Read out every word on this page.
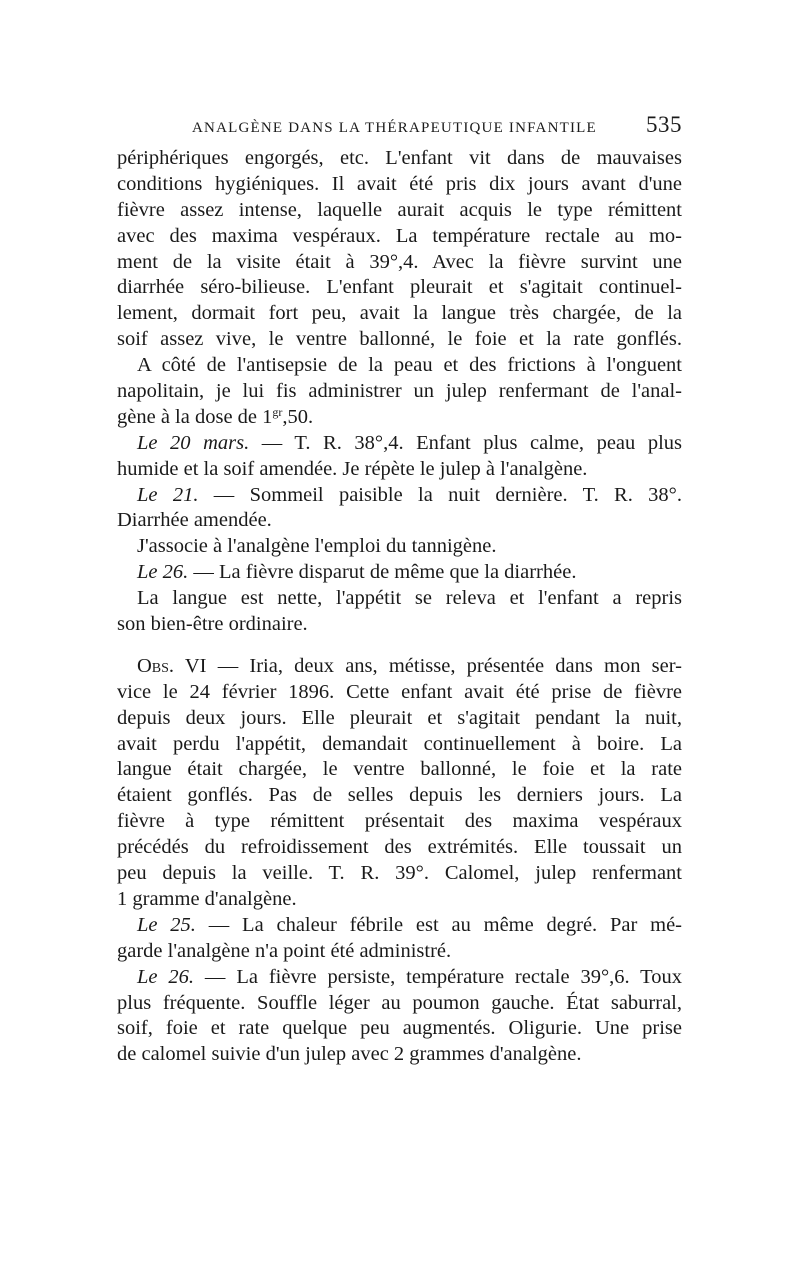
ANALGÈNE DANS LA THÉRAPEUTIQUE INFANTILE 535
périphériques engorgés, etc. L'enfant vit dans de mauvaises
conditions hygiéniques. Il avait été pris dix jours avant d'une
fièvre assez intense, laquelle aurait acquis le type rémittent
avec des maxima vespéraux. La température rectale au mo-
ment de la visite était à 39°,4. Avec la fièvre survint une
diarrhée séro-bilieuse. L'enfant pleurait et s'agitait continuel-
lement, dormait fort peu, avait la langue très chargée, de la
soif assez vive, le ventre ballonné, le foie et la rate gonflés.
A côté de l'antisepsie de la peau et des frictions à l'onguent
napolitain, je lui fis administrer un julep renfermant de l'anal-
gène à la dose de $1^{gr},50$.
Le 20 mars. — T. R. 38°,4. Enfant plus calme, peau plus
humide et la soif amendée. Je répète le julep à l'analgène.
Le 21. — Sommeil paisible la nuit dernière. T. R. 38°.
Diarrhée amendée.
J'associe à l'analgène l'emploi du tannigène.
Le 26. — La fièvre disparut de même que la diarrhée.
La langue est nette, l'appétit se releva et l'enfant a repris
son bien-être ordinaire.
Obs. VI — Iria, deux ans, métisse, présentée dans mon ser-
vice le 24 février 1896. Cette enfant avait été prise de fièvre
depuis deux jours. Elle pleurait et s'agitait pendant la nuit,
avait perdu l'appétit, demandait continuellement à boire. La
langue était chargée, le ventre ballonné, le foie et la rate
étaient gonflés. Pas de selles depuis les derniers jours. La
fièvre à type rémittent présentait des maxima vespéraux
précédés du refroidissement des extrémités. Elle toussait un
peu depuis la veille. T. R. 39°. Calomel, julep renfermant
1 gramme d'analgène.
Le 25. — La chaleur fébrile est au même degré. Par mé-
garde l'analgène n'a point été administré.
Le 26. — La fièvre persiste, température rectale 39°,6. Toux
plus fréquente. Souffle léger au poumon gauche. État saburral,
soif, foie et rate quelque peu augmentés. Oligurie. Une prise
de calomel suivie d'un julep avec 2 grammes d'analgène.
